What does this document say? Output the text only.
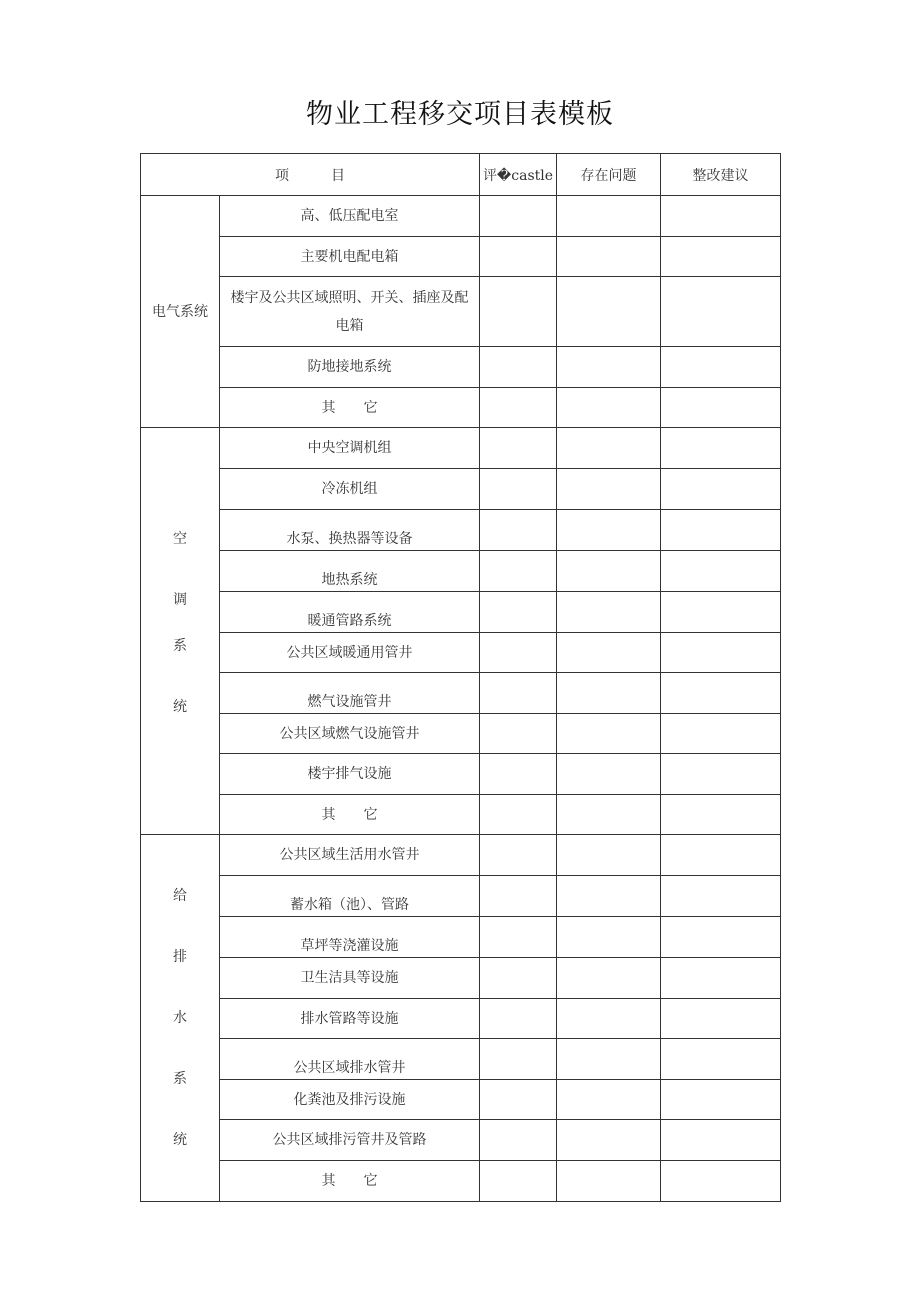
物业工程移交项目表模板
项　　　目		评�castle	存在问题	整改建议
电气系统	高、低压配电室			
	主要机电配电箱			
	楼宇及公共区域照明、开关、插座及配电箱			
	防地接地系统			
	其　　它			

空
调
系
统	中央空调机组			
	冷冻机组			
	水泵、换热器等设备			
	地热系统			
	暖通管路系统			
	公共区域暖通用管井			
	燃气设施管井			
	公共区域燃气设施管井			
	楼宇排气设施			
	其　　它			

给
排
水
系
统	公共区域生活用水管井			
	蓄水箱（池）、管路			
	草坪等浇灌设施			
	卫生洁具等设施			
	排水管路等设施			
	公共区域排水管井			
	化粪池及排污设施			
	公共区域排污管井及管路			
	其　　它			
